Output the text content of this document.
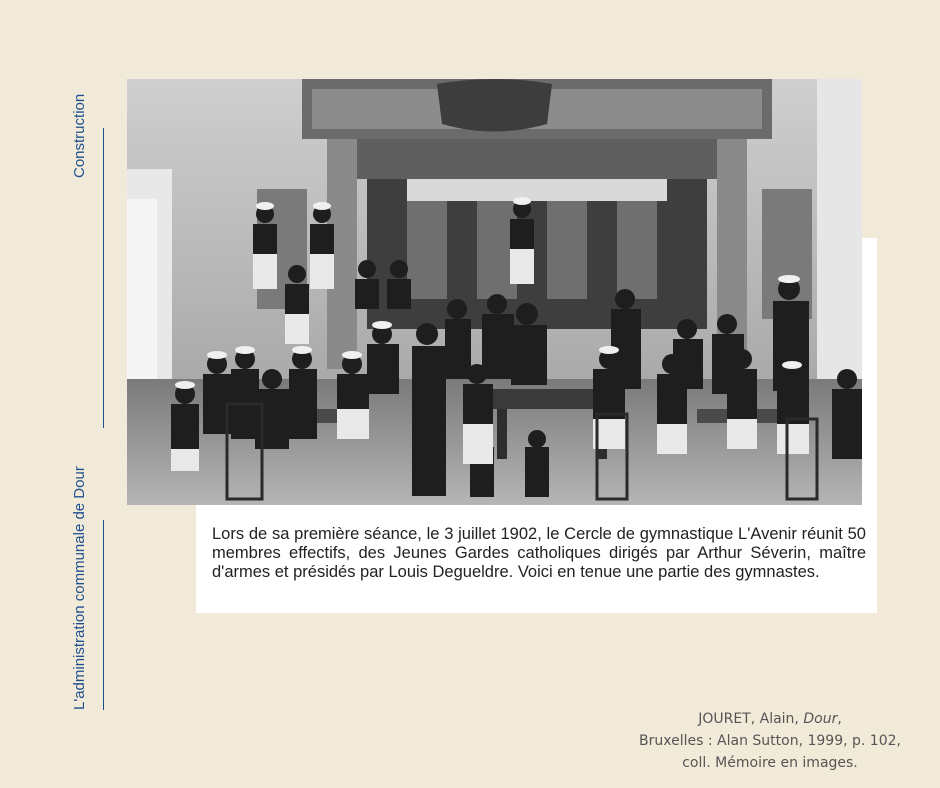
Construction
L'administration communale de Dour	Lors de sa première séance, le 3 juillet 1902, le Cercle de gymnastique L'Avenir réunit 50 membres effectifs, des Jeunes Gardes catholiques dirigés par Arthur Séverin, maître d'armes et présidés par Louis Degueldre. Voici en tenue une partie des gymnastes.
JOURET, Alain, Dour,
Bruxelles : Alan Sutton, 1999, p. 102,
coll. Mémoire en images.
